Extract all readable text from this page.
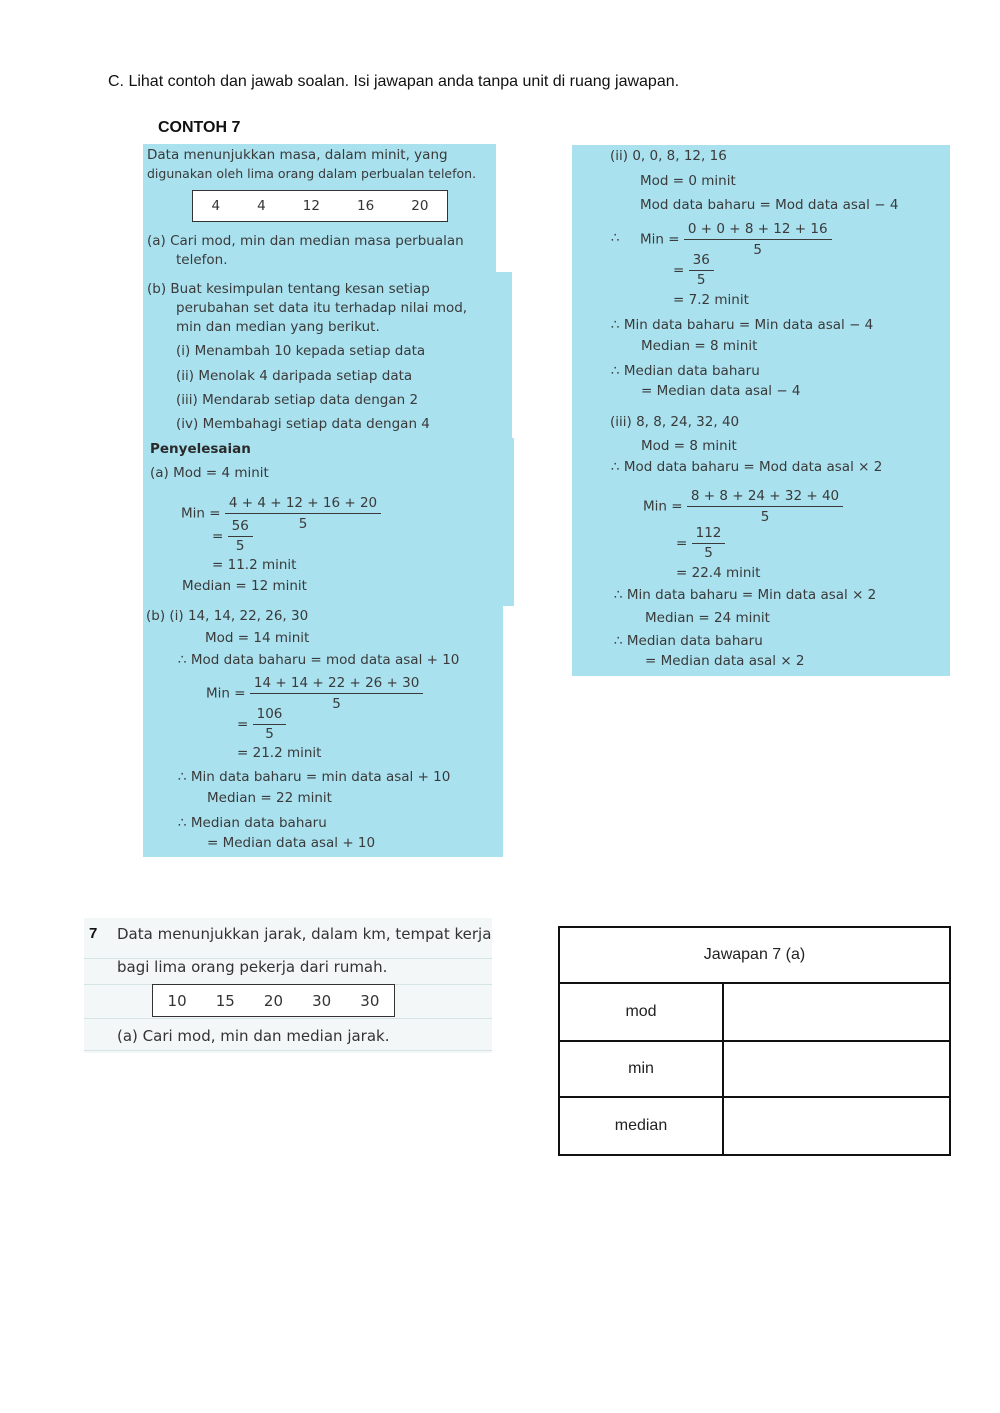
C. Lihat contoh dan jawab soalan. Isi jawapan anda tanpa unit di ruang jawapan.
CONTOH 7
Data menunjukkan masa, dalam minit, yang
digunakan oleh lima orang dalam perbualan telefon.
4	4	12	16	20
(a) Cari mod, min dan median masa perbualan
telefon.
(b) Buat kesimpulan tentang kesan setiap
perubahan set data itu terhadap nilai mod,
min dan median yang berikut.
(i) Menambah 10 kepada setiap data
(ii) Menolak 4 daripada setiap data
(iii) Mendarab setiap data dengan 2
(iv) Membahagi setiap data dengan 4
Penyelesaian
(a) Mod = 4 minit
Min = $\frac{4 + 4 + 12 + 16 + 20}{5}$
= $\frac{56}{5}$
= 11.2 minit
Median = 12 minit
(b) (i) 14, 14, 22, 26, 30
Mod = 14 minit
∴ Mod data baharu = mod data asal + 10
Min = $\frac{14 + 14 + 22 + 26 + 30}{5}$
= $\frac{106}{5}$
= 21.2 minit
∴ Min data baharu = min data asal + 10
Median = 22 minit
∴ Median data baharu
= Median data asal + 10
(ii) 0, 0, 8, 12, 16
Mod = 0 minit
Mod data baharu = Mod data asal − 4
∴ Min = $\frac{0 + 0 + 8 + 12 + 16}{5}$
= $\frac{36}{5}$
= 7.2 minit
∴ Min data baharu = Min data asal − 4
Median = 8 minit
∴ Median data baharu
= Median data asal − 4
(iii) 8, 8, 24, 32, 40
Mod = 8 minit
∴ Mod data baharu = Mod data asal × 2
Min = $\frac{8 + 8 + 24 + 32 + 40}{5}$
= $\frac{112}{5}$
= 22.4 minit
∴ Min data baharu = Min data asal × 2
Median = 24 minit
∴ Median data baharu
= Median data asal × 2
7 Data menunjukkan jarak, dalam km, tempat kerja
bagi lima orang pekerja dari rumah.
10 15 20 30 30
(a) Cari mod, min dan median jarak.
Jawapan 7 (a)	
mod	
min	
median	
